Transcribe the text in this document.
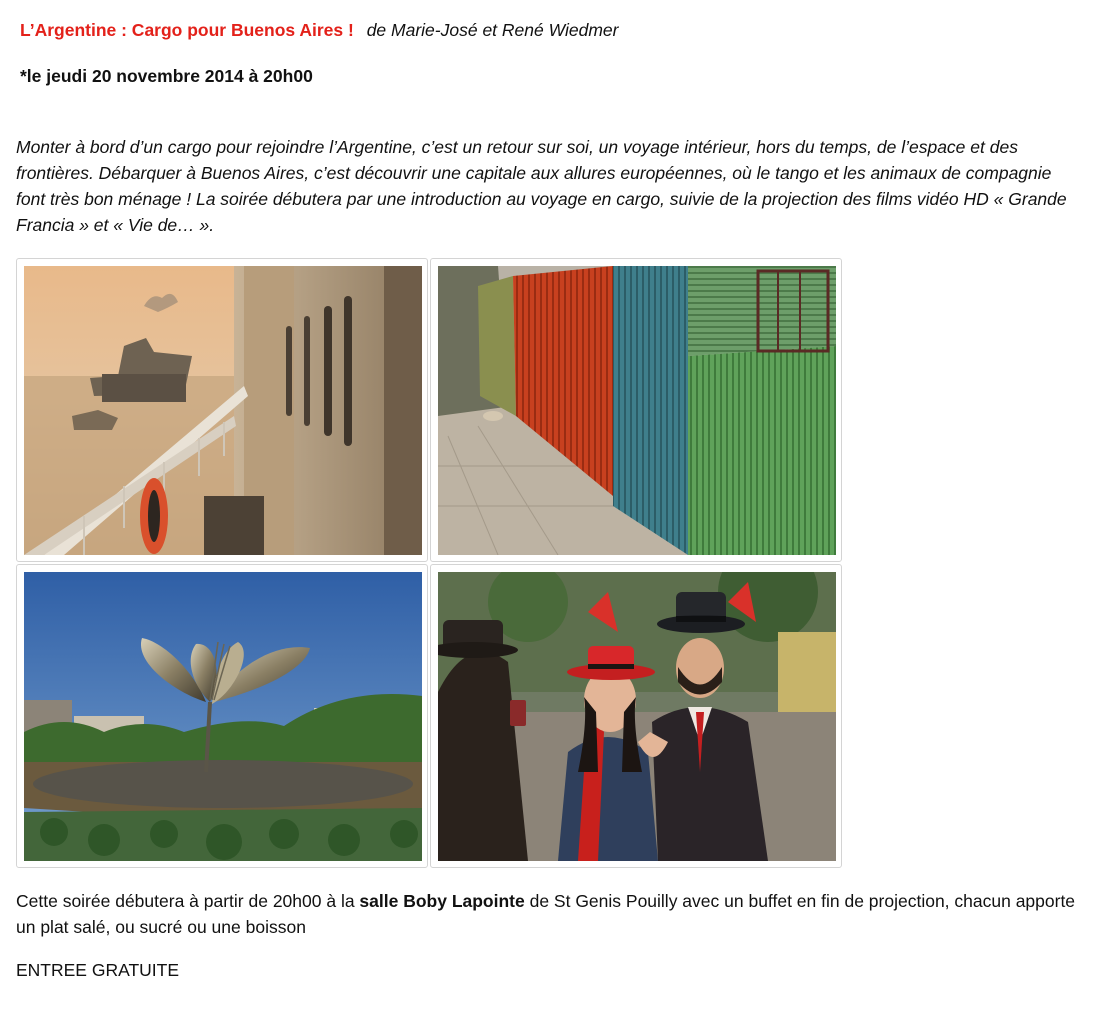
L’Argentine : Cargo pour Buenos Aires ! de Marie-José et René Wiedmer
*le jeudi 20 novembre 2014 à 20h00

Monter à bord d’un cargo pour rejoindre l’Argentine, c’est un retour sur soi, un voyage intérieur, hors du temps, de l’espace et des frontières. Débarquer à Buenos Aires, c’est découvrir une capitale aux allures européennes, où le tango et les animaux de compagnie font très bon ménage ! La soirée débutera par une introduction au voyage en cargo, suivie de la projection des films vidéo HD « Grande Francia » et « Vie de… ».

Cette soirée débutera à partir de 20h00 à la salle Boby Lapointe de St Genis Pouilly avec un buffet en fin de projection, chacun apporte un plat salé, ou sucré ou une boisson

ENTREE GRATUITE
